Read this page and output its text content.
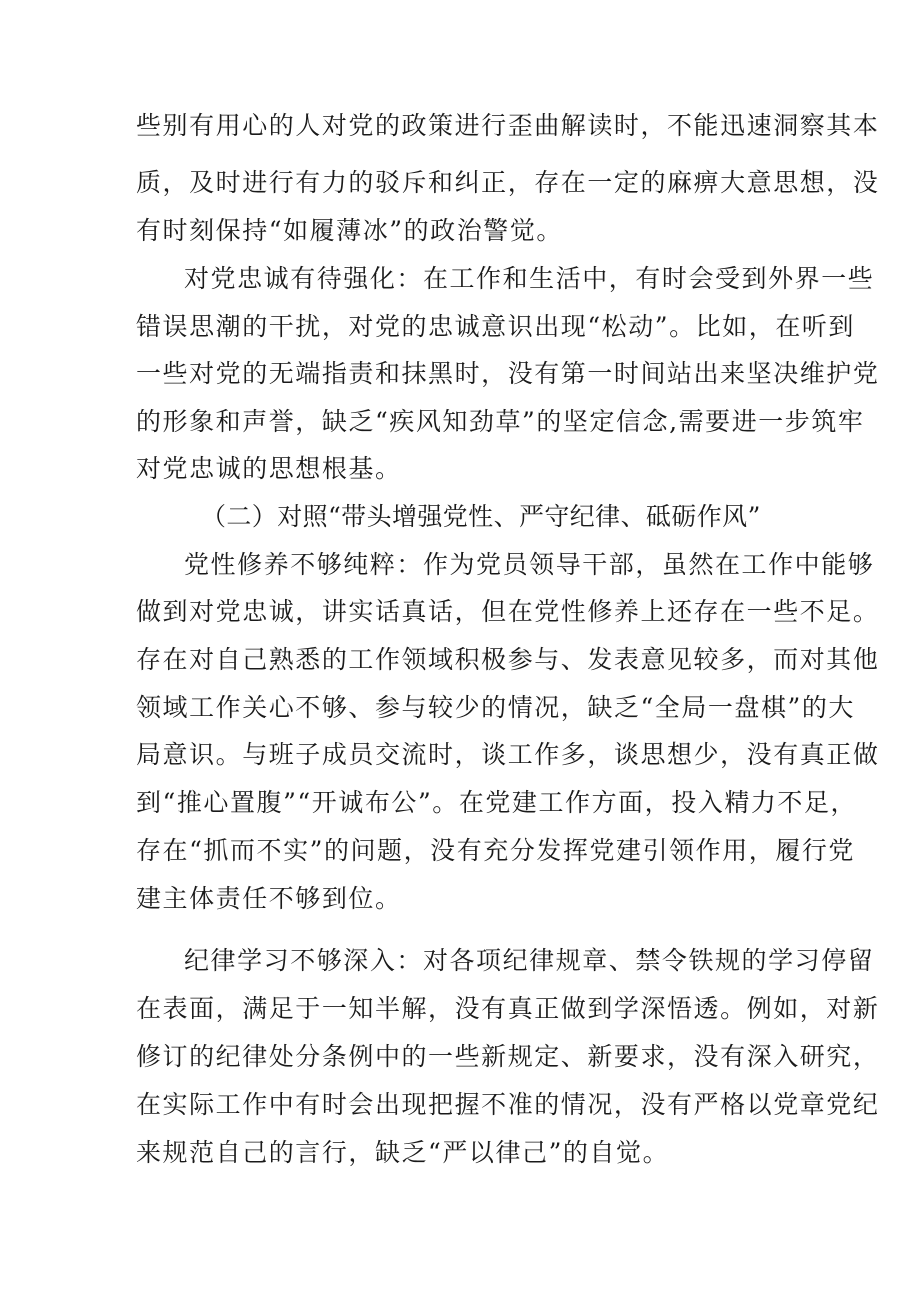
些别有用心的人对党的政策进行歪曲解读时，不能迅速洞察其本
质，及时进行有力的驳斥和纠正，存在一定的麻痹大意思想，没
有时刻保持“如履薄冰”的政治警觉。
对党忠诚有待强化：在工作和生活中，有时会受到外界一些
错误思潮的干扰，对党的忠诚意识出现“松动”。比如，在听到
一些对党的无端指责和抹黑时，没有第一时间站出来坚决维护党
的形象和声誉，缺乏“疾风知劲草”的坚定信念,需要进一步筑牢
对党忠诚的思想根基。
（二）对照“带头增强党性、严守纪律、砥砺作风”
党性修养不够纯粹：作为党员领导干部，虽然在工作中能够
做到对党忠诚，讲实话真话，但在党性修养上还存在一些不足。
存在对自己熟悉的工作领域积极参与、发表意见较多，而对其他
领域工作关心不够、参与较少的情况，缺乏“全局一盘棋”的大
局意识。与班子成员交流时，谈工作多，谈思想少，没有真正做
到“推心置腹”“开诚布公”。在党建工作方面，投入精力不足，
存在“抓而不实”的问题，没有充分发挥党建引领作用，履行党
建主体责任不够到位。
纪律学习不够深入：对各项纪律规章、禁令铁规的学习停留
在表面，满足于一知半解，没有真正做到学深悟透。例如，对新
修订的纪律处分条例中的一些新规定、新要求，没有深入研究，
在实际工作中有时会出现把握不准的情况，没有严格以党章党纪
来规范自己的言行，缺乏“严以律己”的自觉。
